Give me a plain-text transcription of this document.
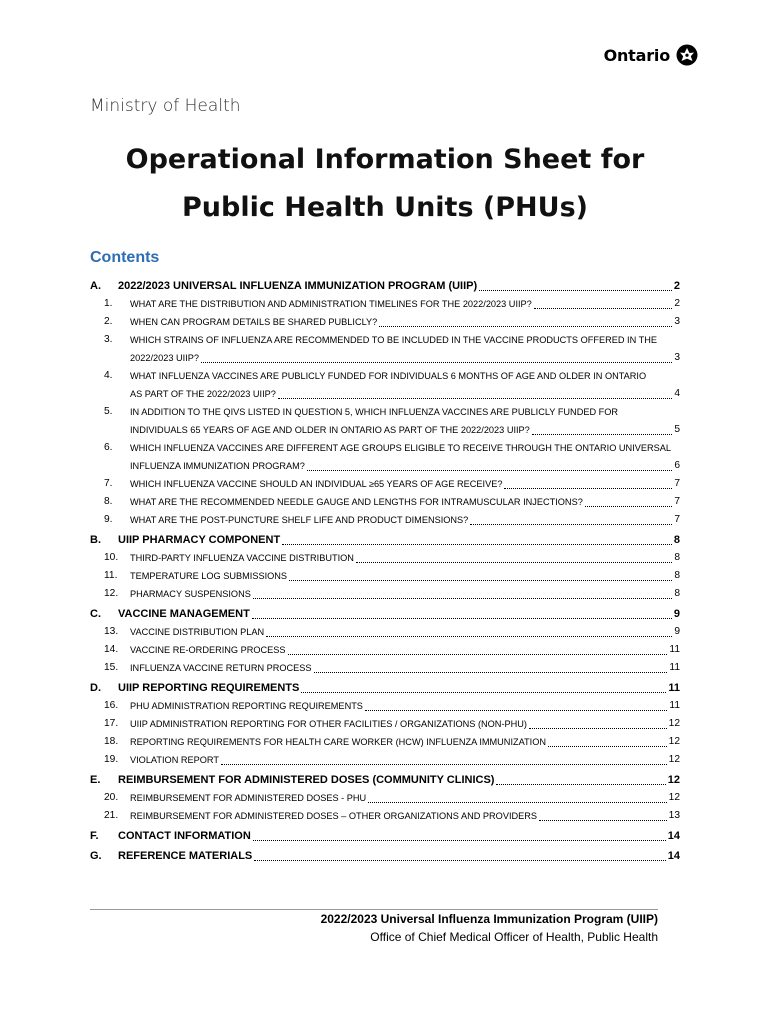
Ontario
Ministry of Health
Operational Information Sheet for
Public Health Units (PHUs)
Contents
A.	2022/2023 UNIVERSAL INFLUENZA IMMUNIZATION PROGRAM (UIIP)	2
1.	WHAT ARE THE DISTRIBUTION AND ADMINISTRATION TIMELINES FOR THE 2022/2023 UIIP?	2
2.	WHEN CAN PROGRAM DETAILS BE SHARED PUBLICLY?	3
3.	WHICH STRAINS OF INFLUENZA ARE RECOMMENDED TO BE INCLUDED IN THE VACCINE PRODUCTS OFFERED IN THE
2022/2023 UIIP?	3
4.	WHAT INFLUENZA VACCINES ARE PUBLICLY FUNDED FOR INDIVIDUALS 6 MONTHS OF AGE AND OLDER IN ONTARIO
AS PART OF THE 2022/2023 UIIP?	4
5.	IN ADDITION TO THE QIVS LISTED IN QUESTION 5, WHICH INFLUENZA VACCINES ARE PUBLICLY FUNDED FOR
INDIVIDUALS 65 YEARS OF AGE AND OLDER IN ONTARIO AS PART OF THE 2022/2023 UIIP?	5
6.	WHICH INFLUENZA VACCINES ARE DIFFERENT AGE GROUPS ELIGIBLE TO RECEIVE THROUGH THE ONTARIO UNIVERSAL
INFLUENZA IMMUNIZATION PROGRAM?	6
7.	WHICH INFLUENZA VACCINE SHOULD AN INDIVIDUAL ≥65 YEARS OF AGE RECEIVE?	7
8.	WHAT ARE THE RECOMMENDED NEEDLE GAUGE AND LENGTHS FOR INTRAMUSCULAR INJECTIONS?	7
9.	WHAT ARE THE POST-PUNCTURE SHELF LIFE AND PRODUCT DIMENSIONS?	7
B.	UIIP PHARMACY COMPONENT	8
10.	THIRD-PARTY INFLUENZA VACCINE DISTRIBUTION	8
11.	TEMPERATURE LOG SUBMISSIONS	8
12.	PHARMACY SUSPENSIONS	8
C.	VACCINE MANAGEMENT	9
13.	VACCINE DISTRIBUTION PLAN	9
14.	VACCINE RE-ORDERING PROCESS	11
15.	INFLUENZA VACCINE RETURN PROCESS	11
D.	UIIP REPORTING REQUIREMENTS	11
16.	PHU ADMINISTRATION REPORTING REQUIREMENTS	11
17.	UIIP ADMINISTRATION REPORTING FOR OTHER FACILITIES / ORGANIZATIONS (NON-PHU)	12
18.	REPORTING REQUIREMENTS FOR HEALTH CARE WORKER (HCW) INFLUENZA IMMUNIZATION	12
19.	VIOLATION REPORT	12
E.	REIMBURSEMENT FOR ADMINISTERED DOSES (COMMUNITY CLINICS)	12
20.	REIMBURSEMENT FOR ADMINISTERED DOSES - PHU	12
21.	REIMBURSEMENT FOR ADMINISTERED DOSES – OTHER ORGANIZATIONS AND PROVIDERS	13
F.	CONTACT INFORMATION	14
G.	REFERENCE MATERIALS	14
2022/2023 Universal Influenza Immunization Program (UIIP)
Office of Chief Medical Officer of Health, Public Health
